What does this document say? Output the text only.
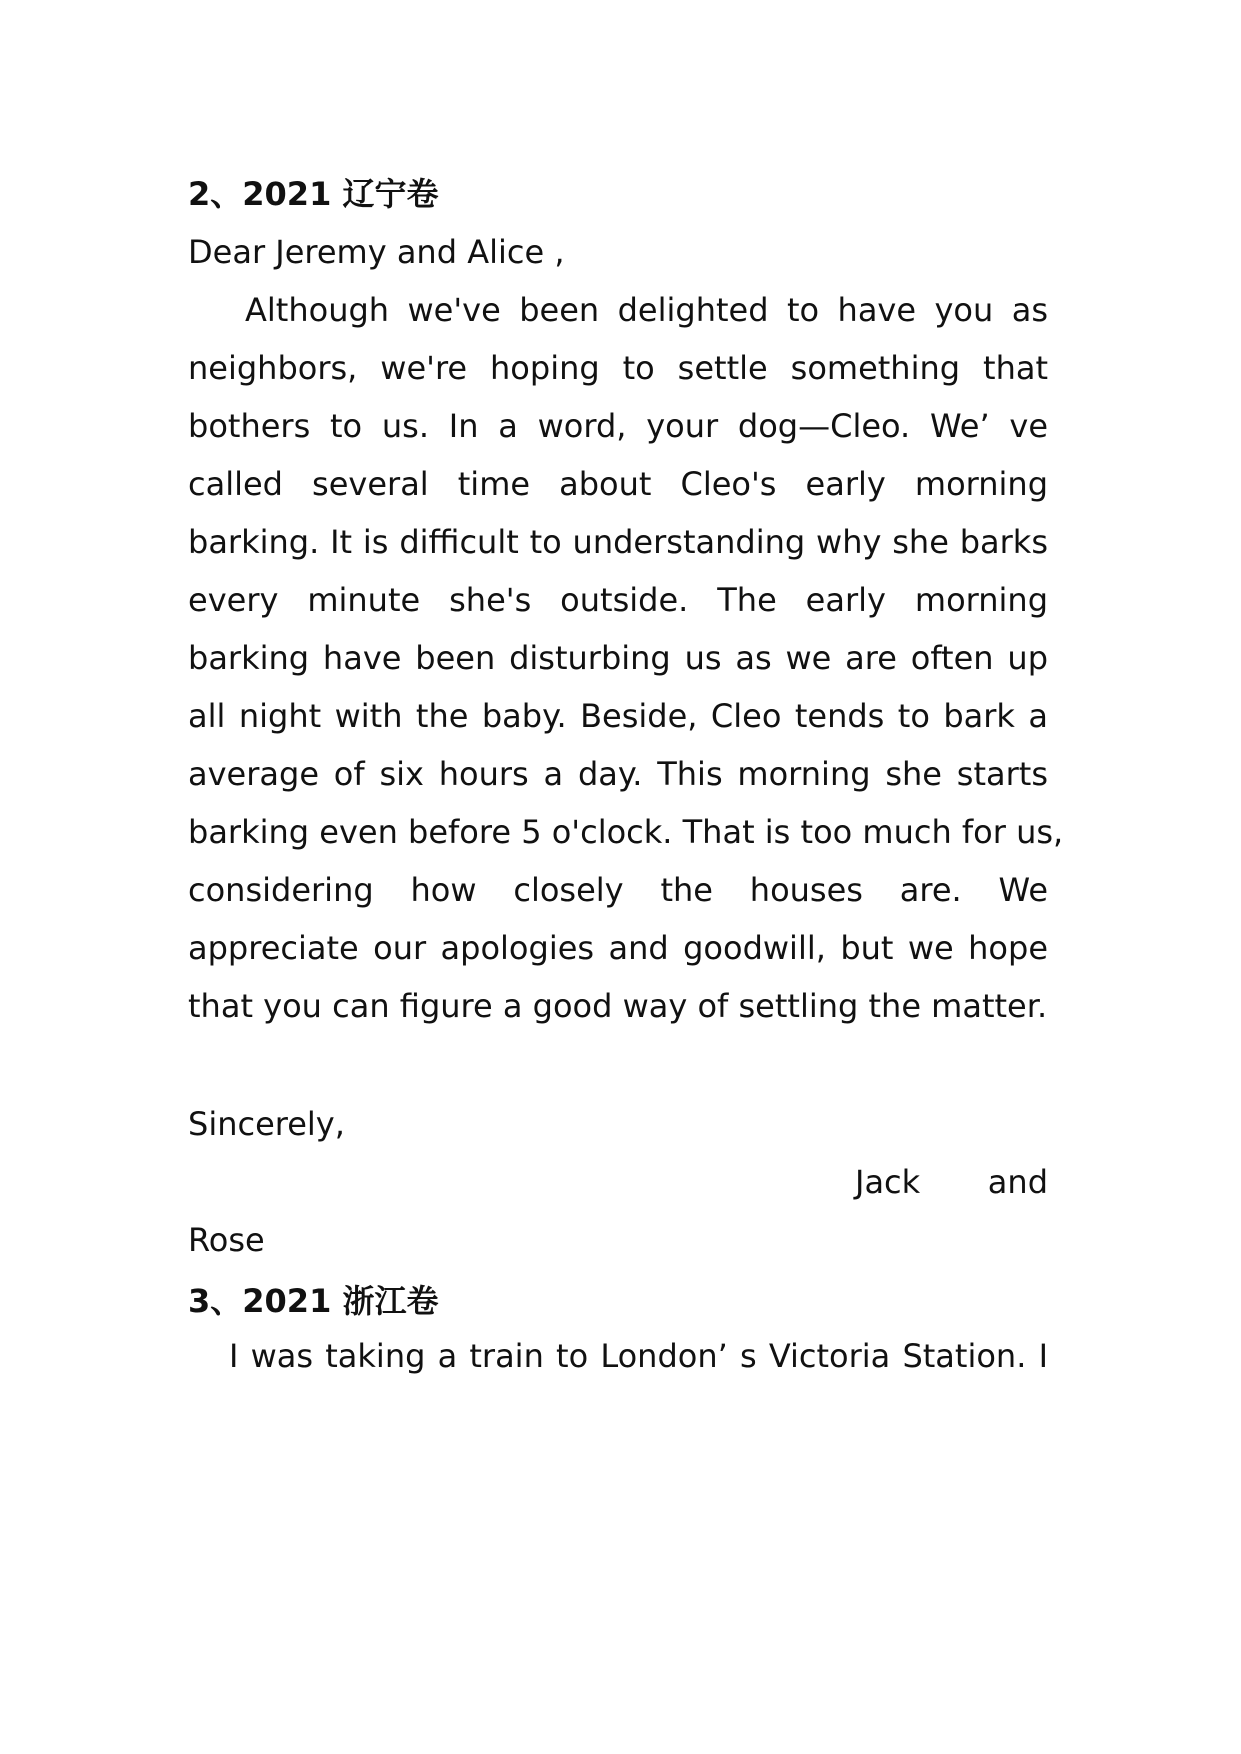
2、2021 辽宁卷
Dear Jeremy and Alice ,
Although we've been delighted to have you as
neighbors, we're hoping to settle something that
bothers to us. In a word, your dog—Cleo. We’ ve
called several time about Cleo's early morning
barking. It is difficult to understanding why she barks
every minute she's outside. The early morning
barking have been disturbing us as we are often up
all night with the baby. Beside, Cleo tends to bark a
average of six hours a day. This morning she starts
barking even before 5 o'clock. That is too much for us,
considering how closely the houses are. We
appreciate our apologies and goodwill, but we hope
that you can figure a good way of settling the matter.
Sincerely,
Jack and
Rose
3、2021 浙江卷
I was taking a train to London’ s Victoria Station. I
